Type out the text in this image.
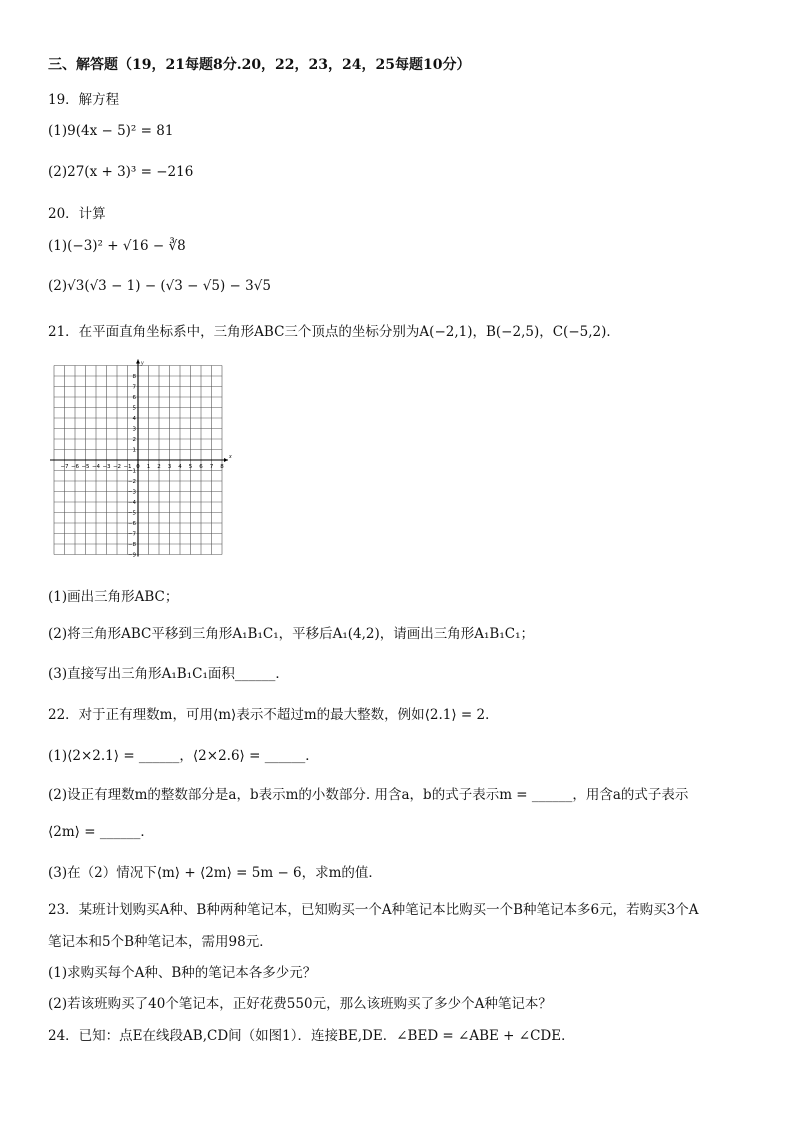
三、解答题（19，21每题8分.20，22，23，24，25每题10分）
19．解方程
(1)9(4x − 5)² = 81
(2)27(x + 3)³ = −216
20．计算
(1)(−3)² + √16 − ∛8
(2)√3(√3 − 1) − (√3 − √5) − 3√5
21．在平面直角坐标系中，三角形ABC三个顶点的坐标分别为A(−2,1)，B(−2,5)，C(−5,2)．
x
y
−7 −6 −5 −4 −3 −2 −1 0 1 2 3 4 5 6 7 8
8
7
6
5
4
3
2
1
−1
−2
−3
−4
−5
−6
−7
−8
−9
(1)画出三角形ABC；
(2)将三角形ABC平移到三角形A₁B₁C₁，平移后A₁(4,2)，请画出三角形A₁B₁C₁；
(3)直接写出三角形A₁B₁C₁面积______．
22．对于正有理数m，可用⟨m⟩表示不超过m的最大整数，例如⟨2.1⟩ = 2．
(1)⟨2×2.1⟩ = ______，⟨2×2.6⟩ = ______．
(2)设正有理数m的整数部分是a，b表示m的小数部分. 用含a，b的式子表示m = ______，用含a的式子表示
⟨2m⟩ = ______．
(3)在（2）情况下⟨m⟩ + ⟨2m⟩ = 5m − 6，求m的值．
23．某班计划购买A种、B种两种笔记本，已知购买一个A种笔记本比购买一个B种笔记本多6元，若购买3个A
笔记本和5个B种笔记本，需用98元．
(1)求购买每个A种、B种的笔记本各多少元？
(2)若该班购买了40个笔记本，正好花费550元，那么该班购买了多少个A种笔记本？
24．已知：点E在线段AB,CD间（如图1）．连接BE,DE．∠BED = ∠ABE + ∠CDE．
